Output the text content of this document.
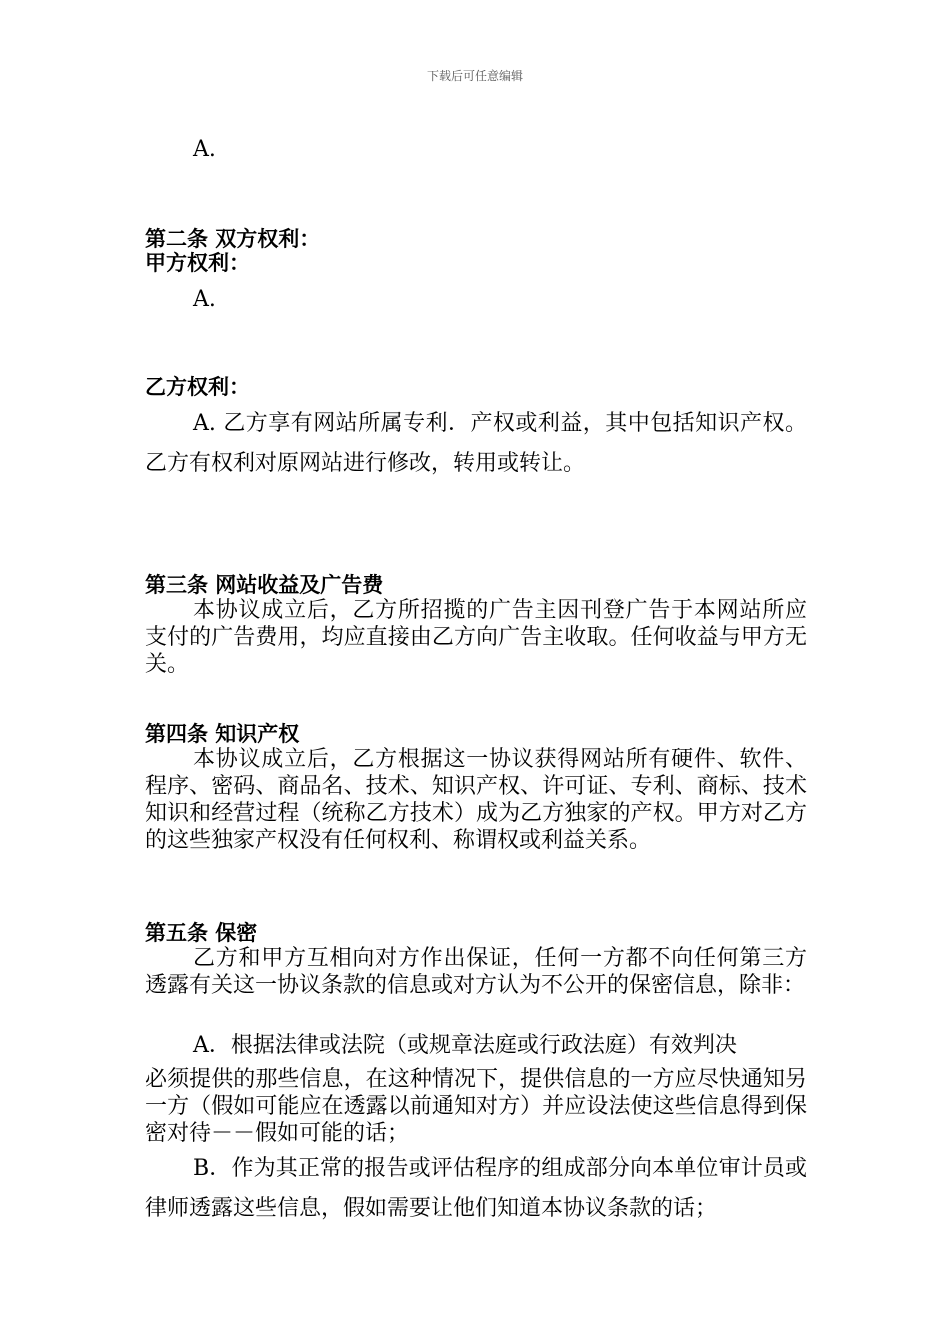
下载后可任意编辑
A.
第二条 双方权利：
甲方权利：
A.
乙方权利：
A. 乙方享有网站所属专利．产权或利益，其中包括知识产权。乙方有权利对原网站进行修改，转用或转让。
第三条 网站收益及广告费
本协议成立后，乙方所招揽的广告主因刊登广告于本网站所应支付的广告费用，均应直接由乙方向广告主收取。任何收益与甲方无关。
第四条 知识产权
本协议成立后，乙方根据这一协议获得网站所有硬件、软件、程序、密码、商品名、技术、知识产权、许可证、专利、商标、技术知识和经营过程（统称乙方技术）成为乙方独家的产权。甲方对乙方的这些独家产权没有任何权利、称谓权或利益关系。
第五条 保密
乙方和甲方互相向对方作出保证，任何一方都不向任何第三方透露有关这一协议条款的信息或对方认为不公开的保密信息，除非：
A．根据法律或法院（或规章法庭或行政法庭）有效判决
必须提供的那些信息，在这种情况下，提供信息的一方应尽快通知另一方（假如可能应在透露以前通知对方）并应设法使这些信息得到保密对待－－假如可能的话；
B．作为其正常的报告或评估程序的组成部分向本单位审计员或律师透露这些信息，假如需要让他们知道本协议条款的话；
